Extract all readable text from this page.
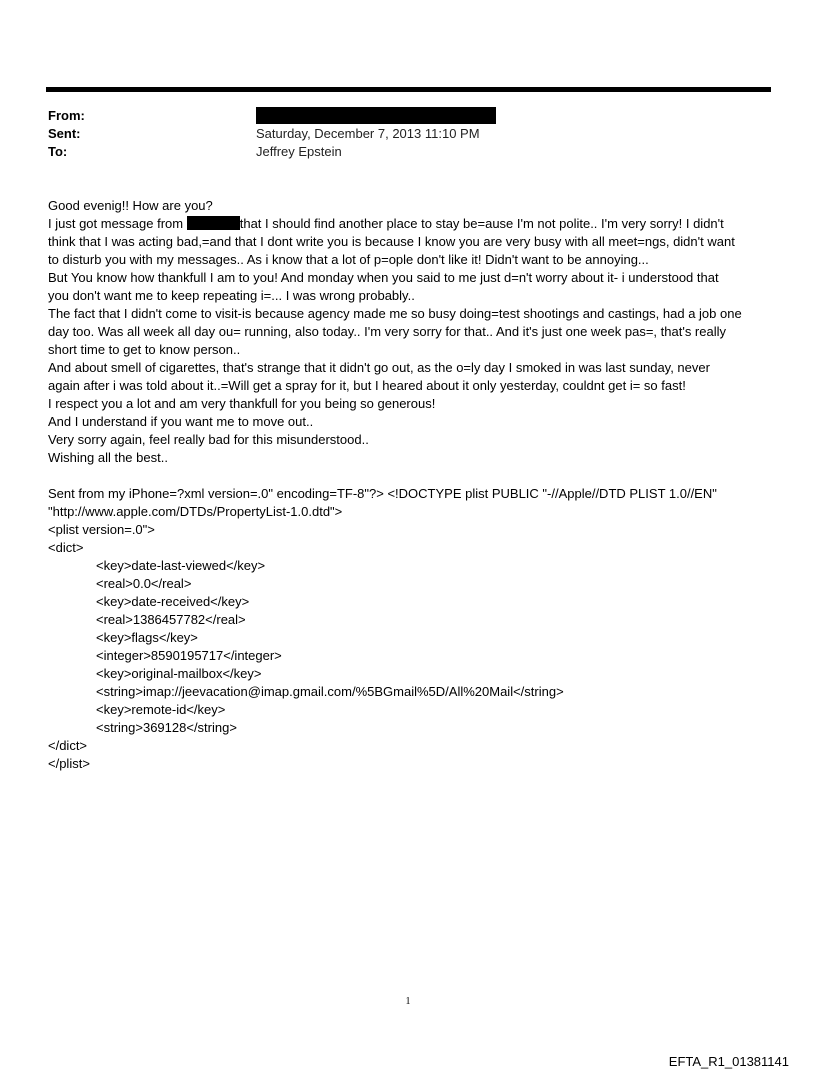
From:
Sent:	Saturday, December 7, 2013 11:10 PM
To:	Jeffrey Epstein
Good evenig!! How are you?
I just got message from	that I should find another place to stay be=ause I'm not polite.. I'm very sorry! I didn't
think that I was acting bad,=and that I dont write you is because I know you are very busy with all meet=ngs, didn't want
to disturb you with my messages.. As i know that a lot of p=ople don't like it! Didn't want to be annoying...
But You know how thankfull I am to you! And monday when you said to me just d=n't worry about it- i understood that
you don't want me to keep repeating i=... I was wrong probably..
The fact that I didn't come to visit-is because agency made me so busy doing=test shootings and castings, had a job one
day too. Was all week all day ou= running, also today.. I'm very sorry for that.. And it's just one week pas=, that's really
short time to get to know person..
And about smell of cigarettes, that's strange that it didn't go out, as the o=ly day I smoked in was last sunday, never
again after i was told about it..=Will get a spray for it, but I heared about it only yesterday, couldnt get i= so fast!
I respect you a lot and am very thankfull for you being so generous!
And I understand if you want me to move out..
Very sorry again, feel really bad for this misunderstood..
Wishing all the best..
Sent from my iPhone=?xml version=.0" encoding=TF-8"?> <!DOCTYPE plist PUBLIC "-//Apple//DTD PLIST 1.0//EN"
"http://www.apple.com/DTDs/PropertyList-1.0.dtd">
<plist version=.0">
<dict>
<key>date-last-viewed</key>
<real>0.0</real>
<key>date-received</key>
<real>1386457782</real>
<key>flags</key>
<integer>8590195717</integer>
<key>original-mailbox</key>
<string>imap://jeevacation@imap.gmail.com/%5BGmail%5D/All%20Mail</string>
<key>remote-id</key>
<string>369128</string>
</dict>
</plist>
1
EFTA_R1_01381141
